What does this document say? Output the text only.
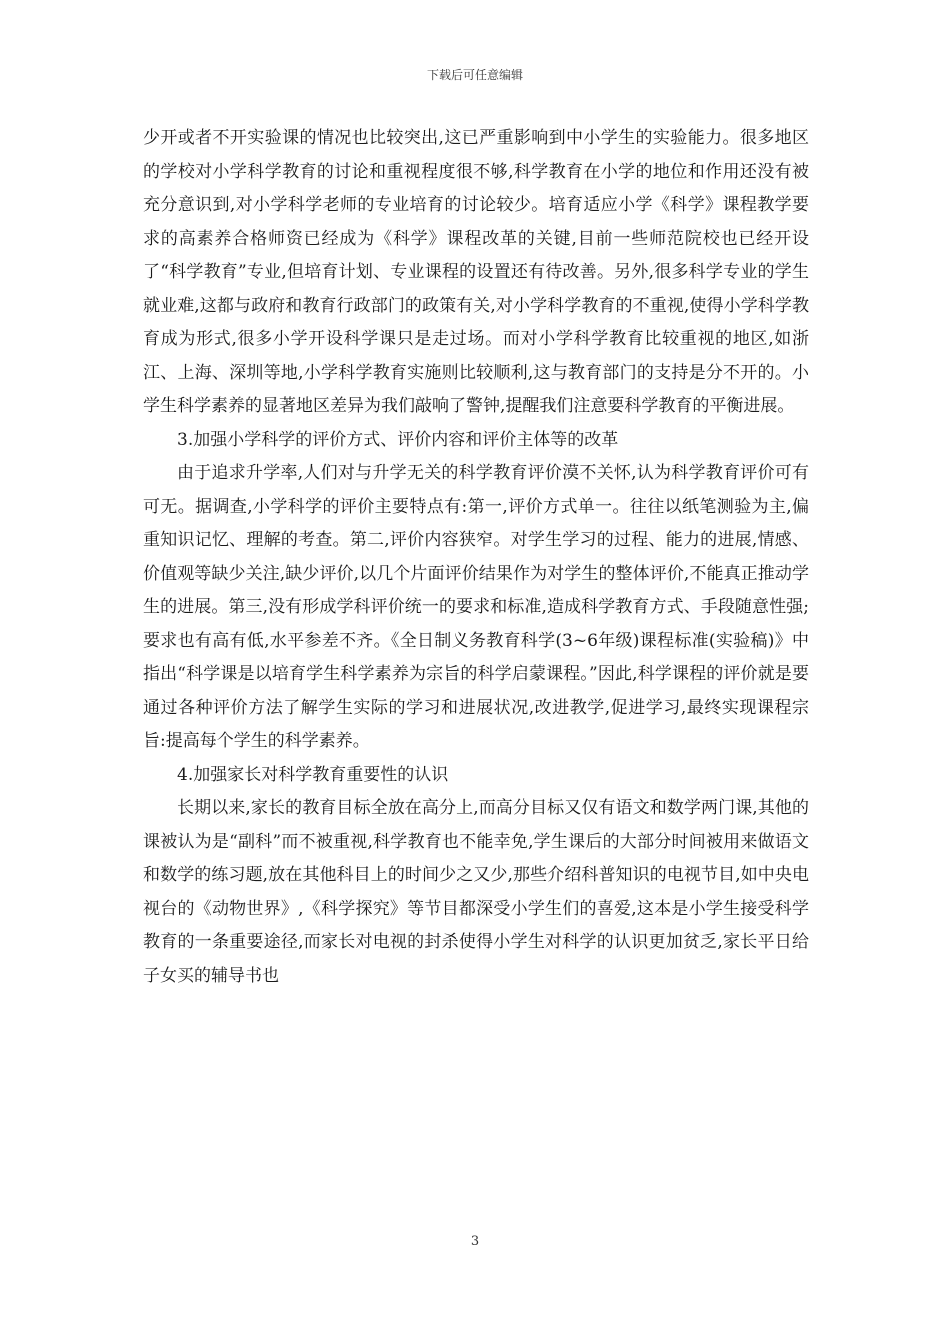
下载后可任意编辑

少开或者不开实验课的情况也比较突出,这已严重影响到中小学生的实验能力。很多地区的学校对小学科学教育的讨论和重视程度很不够,科学教育在小学的地位和作用还没有被充分意识到,对小学科学老师的专业培育的讨论较少。培育适应小学《科学》课程教学要求的高素养合格师资已经成为《科学》课程改革的关键,目前一些师范院校也已经开设了“科学教育”专业,但培育计划、专业课程的设置还有待改善。另外,很多科学专业的学生就业难,这都与政府和教育行政部门的政策有关,对小学科学教育的不重视,使得小学科学教育成为形式,很多小学开设科学课只是走过场。而对小学科学教育比较重视的地区,如浙江、上海、深圳等地,小学科学教育实施则比较顺利,这与教育部门的支持是分不开的。小学生科学素养的显著地区差异为我们敲响了警钟,提醒我们注意要科学教育的平衡进展。

3.加强小学科学的评价方式、评价内容和评价主体等的改革

由于追求升学率,人们对与升学无关的科学教育评价漠不关怀,认为科学教育评价可有可无。据调查,小学科学的评价主要特点有:第一,评价方式单一。往往以纸笔测验为主,偏重知识记忆、理解的考查。第二,评价内容狭窄。对学生学习的过程、能力的进展,情感、价值观等缺少关注,缺少评价,以几个片面评价结果作为对学生的整体评价,不能真正推动学生的进展。第三,没有形成学科评价统一的要求和标准,造成科学教育方式、手段随意性强;要求也有高有低,水平参差不齐。《全日制义务教育科学(3~6年级)课程标准(实验稿)》中指出“科学课是以培育学生科学素养为宗旨的科学启蒙课程。”因此,科学课程的评价就是要通过各种评价方法了解学生实际的学习和进展状况,改进教学,促进学习,最终实现课程宗旨:提高每个学生的科学素养。

4.加强家长对科学教育重要性的认识

长期以来,家长的教育目标全放在高分上,而高分目标又仅有语文和数学两门课,其他的课被认为是“副科”而不被重视,科学教育也不能幸免,学生课后的大部分时间被用来做语文和数学的练习题,放在其他科目上的时间少之又少,那些介绍科普知识的电视节目,如中央电视台的《动物世界》,《科学探究》等节目都深受小学生们的喜爱,这本是小学生接受科学教育的一条重要途径,而家长对电视的封杀使得小学生对科学的认识更加贫乏,家长平日给子女买的辅导书也

3
